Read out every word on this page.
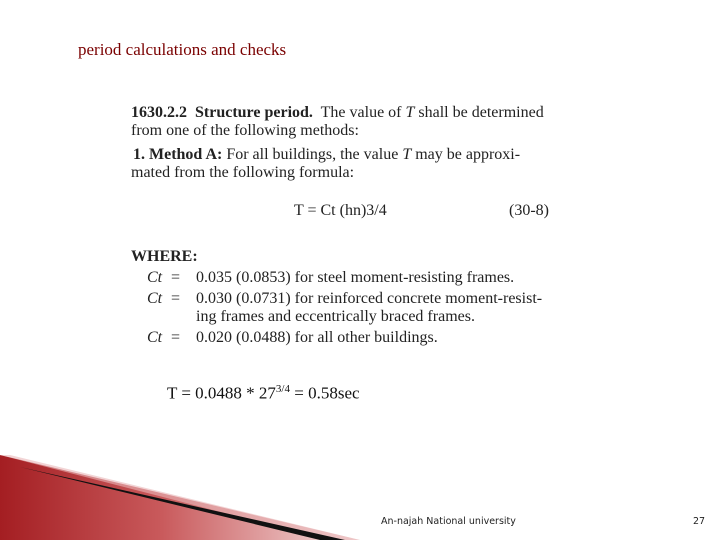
period calculations and checks
1630.2.2 Structure period. The value of T shall be determined
from one of the following methods:
1. Method A: For all buildings, the value T may be approxi-
mated from the following formula:
T = Ct (hn)3/4	(30-8)
WHERE:
Ct = 0.035 (0.0853) for steel moment-resisting frames.
Ct = 0.030 (0.0731) for reinforced concrete moment-resist-
ing frames and eccentrically braced frames.
Ct = 0.020 (0.0488) for all other buildings.
$T = 0.0488 * 27^{3/4} = 0.58\sec$
An-najah National university	27
